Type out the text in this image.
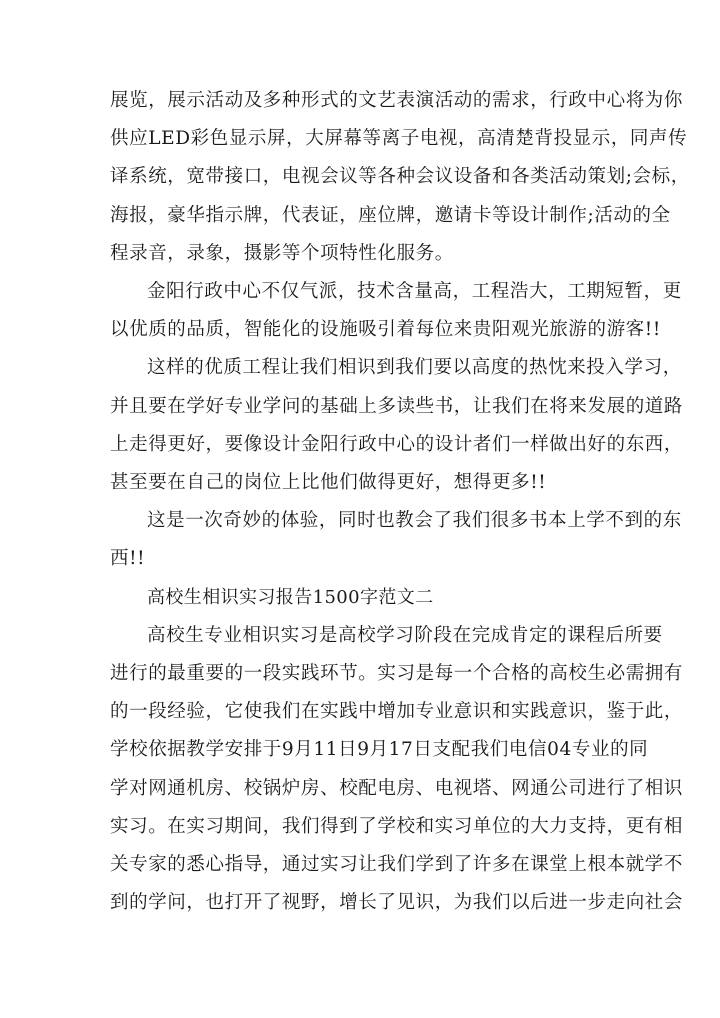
展览，展示活动及多种形式的文艺表演活动的需求，行政中心将为你
供应LED彩色显示屏，大屏幕等离子电视，高清楚背投显示，同声传
译系统，宽带接口，电视会议等各种会议设备和各类活动策划;会标，
海报，豪华指示牌，代表证，座位牌，邀请卡等设计制作;活动的全
程录音，录象，摄影等个项特性化服务。

金阳行政中心不仅气派，技术含量高，工程浩大，工期短暂，更
以优质的品质，智能化的设施吸引着每位来贵阳观光旅游的游客!!

这样的优质工程让我们相识到我们要以高度的热忱来投入学习，
并且要在学好专业学问的基础上多读些书，让我们在将来发展的道路
上走得更好，要像设计金阳行政中心的设计者们一样做出好的东西，
甚至要在自己的岗位上比他们做得更好，想得更多!!

这是一次奇妙的体验，同时也教会了我们很多书本上学不到的东
西!!

高校生相识实习报告1500字范文二

高校生专业相识实习是高校学习阶段在完成肯定的课程后所要
进行的最重要的一段实践环节。实习是每一个合格的高校生必需拥有
的一段经验，它使我们在实践中增加专业意识和实践意识，鉴于此，
学校依据教学安排于9月11日9月17日支配我们电信04专业的同
学对网通机房、校锅炉房、校配电房、电视塔、网通公司进行了相识
实习。在实习期间，我们得到了学校和实习单位的大力支持，更有相
关专家的悉心指导，通过实习让我们学到了许多在课堂上根本就学不
到的学问，也打开了视野，增长了见识，为我们以后进一步走向社会
